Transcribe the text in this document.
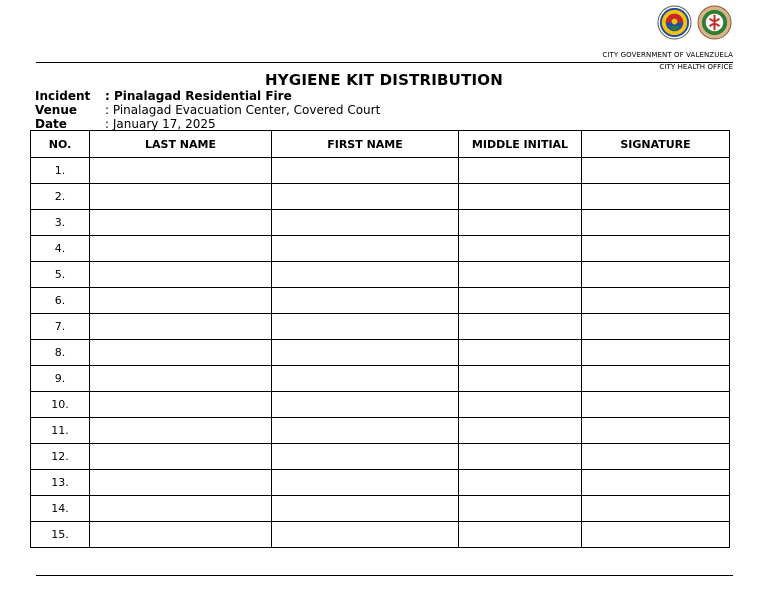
CITY GOVERNMENT OF VALENZUELA
CITY HEALTH OFFICE
HYGIENE KIT DISTRIBUTION
Incident : Pinalagad Residential Fire
Venue : Pinalagad Evacuation Center, Covered Court
Date	: January 17, 2025
NO.	LAST NAME	FIRST NAME	MIDDLE INITIAL	SIGNATURE
1.				
2.				
3.				
4.				
5.				
6.				
7.				
8.				
9.				
10.				
11.				
12.				
13.				
14.				
15.				
